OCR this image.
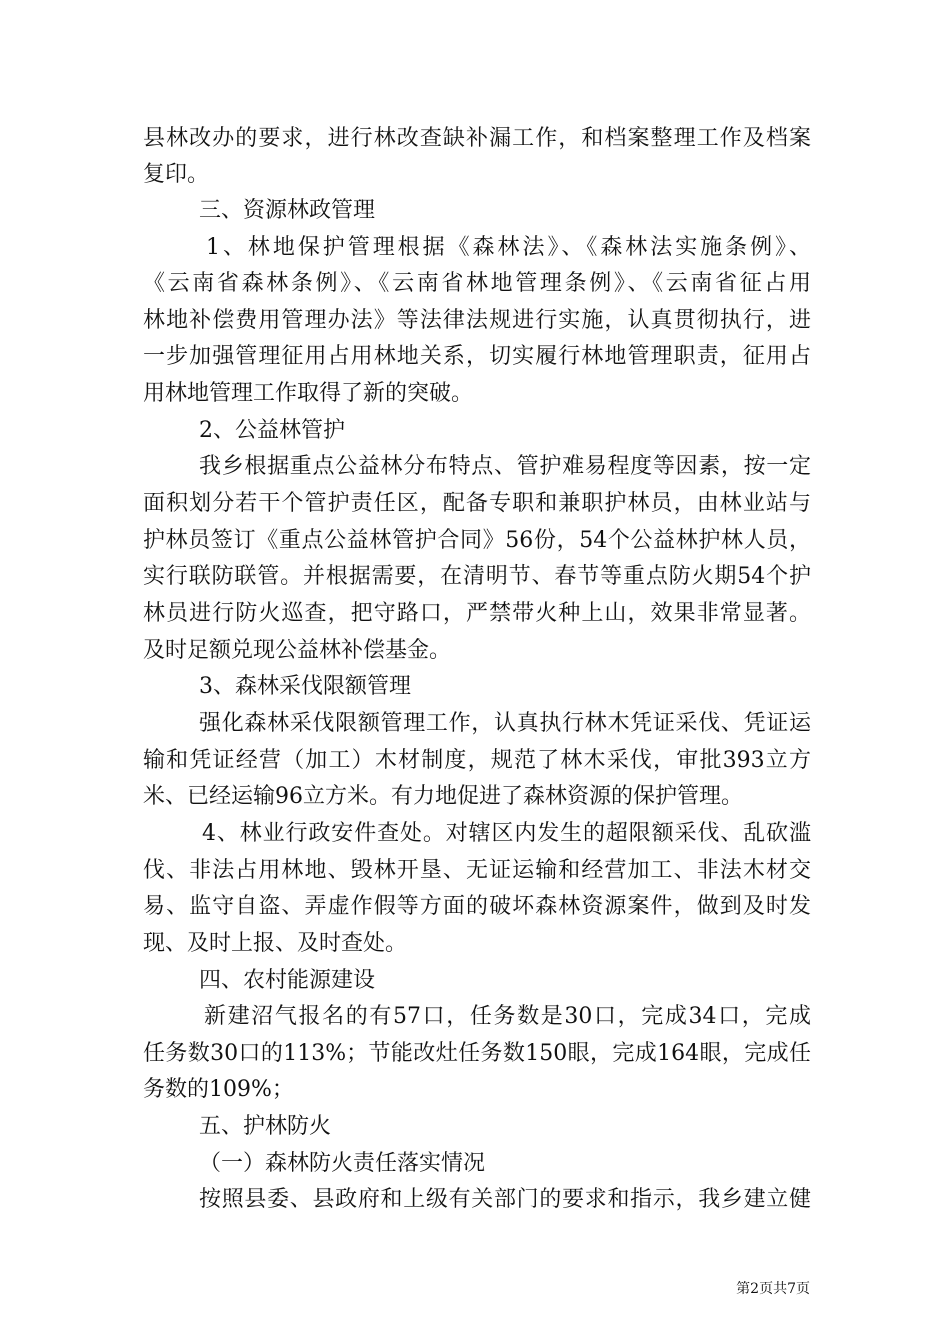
县林改办的要求，进行林改查缺补漏工作，和档案整理工作及档案
复印。
三、资源林政管理
1、林地保护管理根据《森林法》、《森林法实施条例》、
《云南省森林条例》、《云南省林地管理条例》、《云南省征占用
林地补偿费用管理办法》等法律法规进行实施，认真贯彻执行，进
一步加强管理征用占用林地关系，切实履行林地管理职责，征用占
用林地管理工作取得了新的突破。
2、公益林管护
我乡根据重点公益林分布特点、管护难易程度等因素，按一定
面积划分若干个管护责任区，配备专职和兼职护林员，由林业站与
护林员签订《重点公益林管护合同》56份，54个公益林护林人员，
实行联防联管。并根据需要，在清明节、春节等重点防火期54个护
林员进行防火巡查，把守路口，严禁带火种上山，效果非常显著。
及时足额兑现公益林补偿基金。
3、森林采伐限额管理
强化森林采伐限额管理工作，认真执行林木凭证采伐、凭证运
输和凭证经营（加工）木材制度，规范了林木采伐，审批393立方
米、已经运输96立方米。有力地促进了森林资源的保护管理。
4、林业行政安件查处。对辖区内发生的超限额采伐、乱砍滥
伐、非法占用林地、毁林开垦、无证运输和经营加工、非法木材交
易、监守自盗、弄虚作假等方面的破坏森林资源案件，做到及时发
现、及时上报、及时查处。
四、农村能源建设
新建沼气报名的有57口，任务数是30口，完成34口，完成
任务数30口的113%；节能改灶任务数150眼，完成164眼，完成任
务数的109%；
五、护林防火
（一）森林防火责任落实情况
按照县委、县政府和上级有关部门的要求和指示，我乡建立健
第2页共7页
